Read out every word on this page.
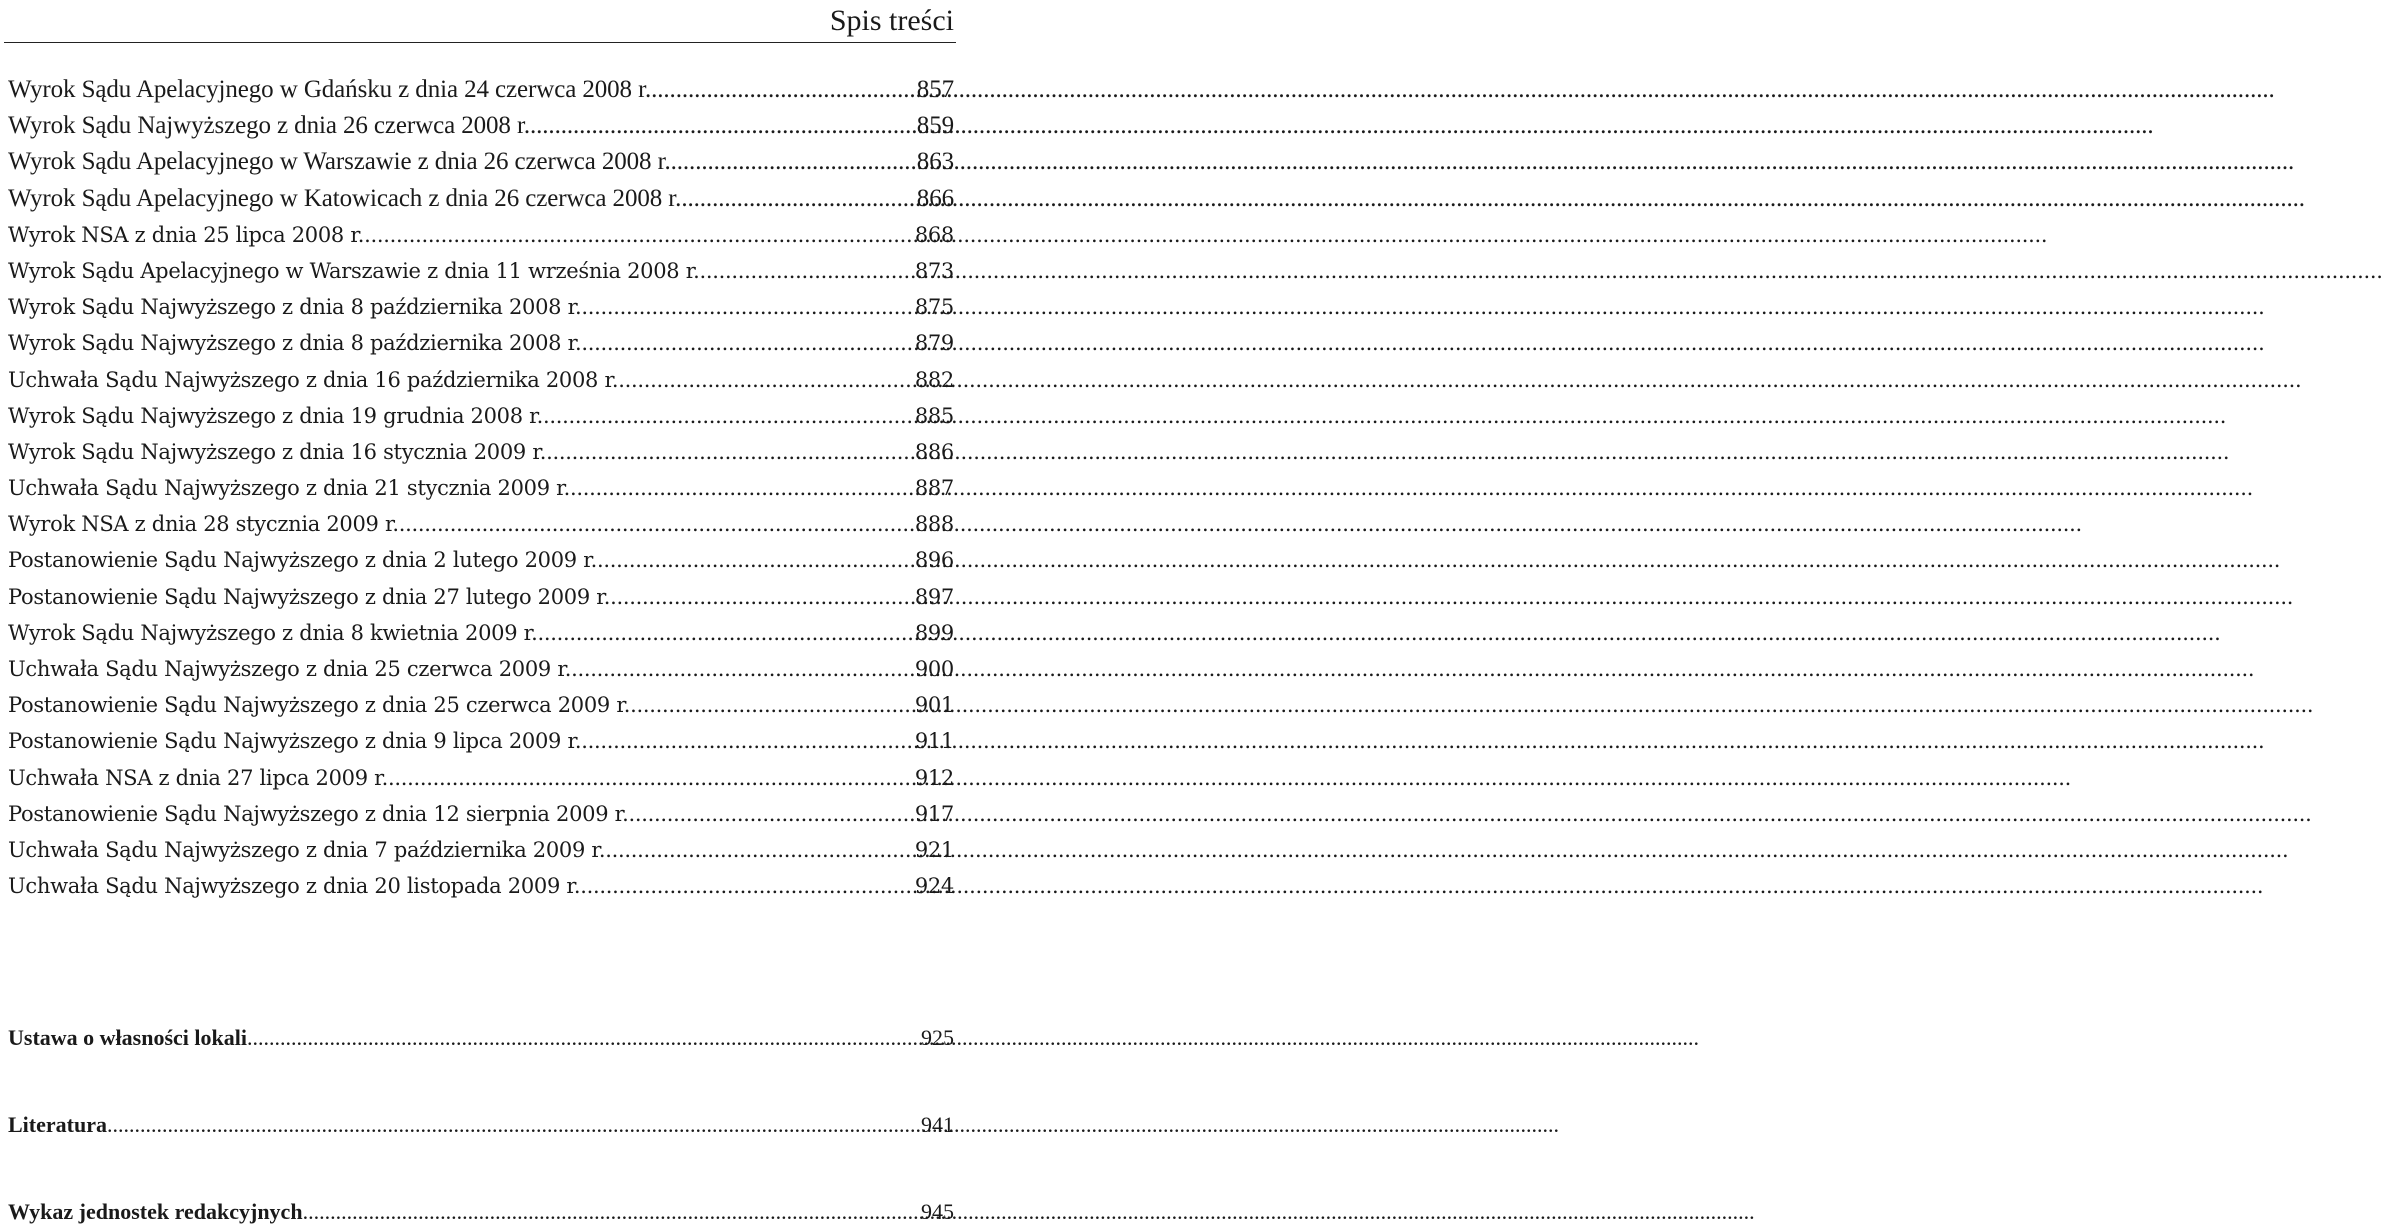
Spis treści
Wyrok Sądu Apelacyjnego w Gdańsku z dnia 24 czerwca 2008 r. .....	857
Wyrok Sądu Najwyższego z dnia 26 czerwca 2008 r. .....	859
Wyrok Sądu Apelacyjnego w Warszawie z dnia 26 czerwca 2008 r. .....	863
Wyrok Sądu Apelacyjnego w Katowicach z dnia 26 czerwca 2008 r. .....	866
Wyrok NSA z dnia 25 lipca 2008 r. .....	868
Wyrok Sądu Apelacyjnego w Warszawie z dnia 11 września 2008 r. .....	873
Wyrok Sądu Najwyższego z dnia 8 października 2008 r. .....	875
Wyrok Sądu Najwyższego z dnia 8 października 2008 r. .....	879
Uchwała Sądu Najwyższego z dnia 16 października 2008 r. .....	882
Wyrok Sądu Najwyższego z dnia 19 grudnia 2008 r. .....	885
Wyrok Sądu Najwyższego z dnia 16 stycznia 2009 r. .....	886
Uchwała Sądu Najwyższego z dnia 21 stycznia 2009 r. .....	887
Wyrok NSA z dnia 28 stycznia 2009 r. .....	888
Postanowienie Sądu Najwyższego z dnia 2 lutego 2009 r. .....	896
Postanowienie Sądu Najwyższego z dnia 27 lutego 2009 r. .....	897
Wyrok Sądu Najwyższego z dnia 8 kwietnia 2009 r. .....	899
Uchwała Sądu Najwyższego z dnia 25 czerwca 2009 r. .....	900
Postanowienie Sądu Najwyższego z dnia 25 czerwca 2009 r. .....	901
Postanowienie Sądu Najwyższego z dnia 9 lipca 2009 r. .....	911
Uchwała NSA z dnia 27 lipca 2009 r. .....	912
Postanowienie Sądu Najwyższego z dnia 12 sierpnia 2009 r. .....	917
Uchwała Sądu Najwyższego z dnia 7 października 2009 r. .....	921
Uchwała Sądu Najwyższego z dnia 20 listopada 2009 r. .....	924
Ustawa o własności lokali .....	925
Literatura .....	941
Wykaz jednostek redakcyjnych .....	945
